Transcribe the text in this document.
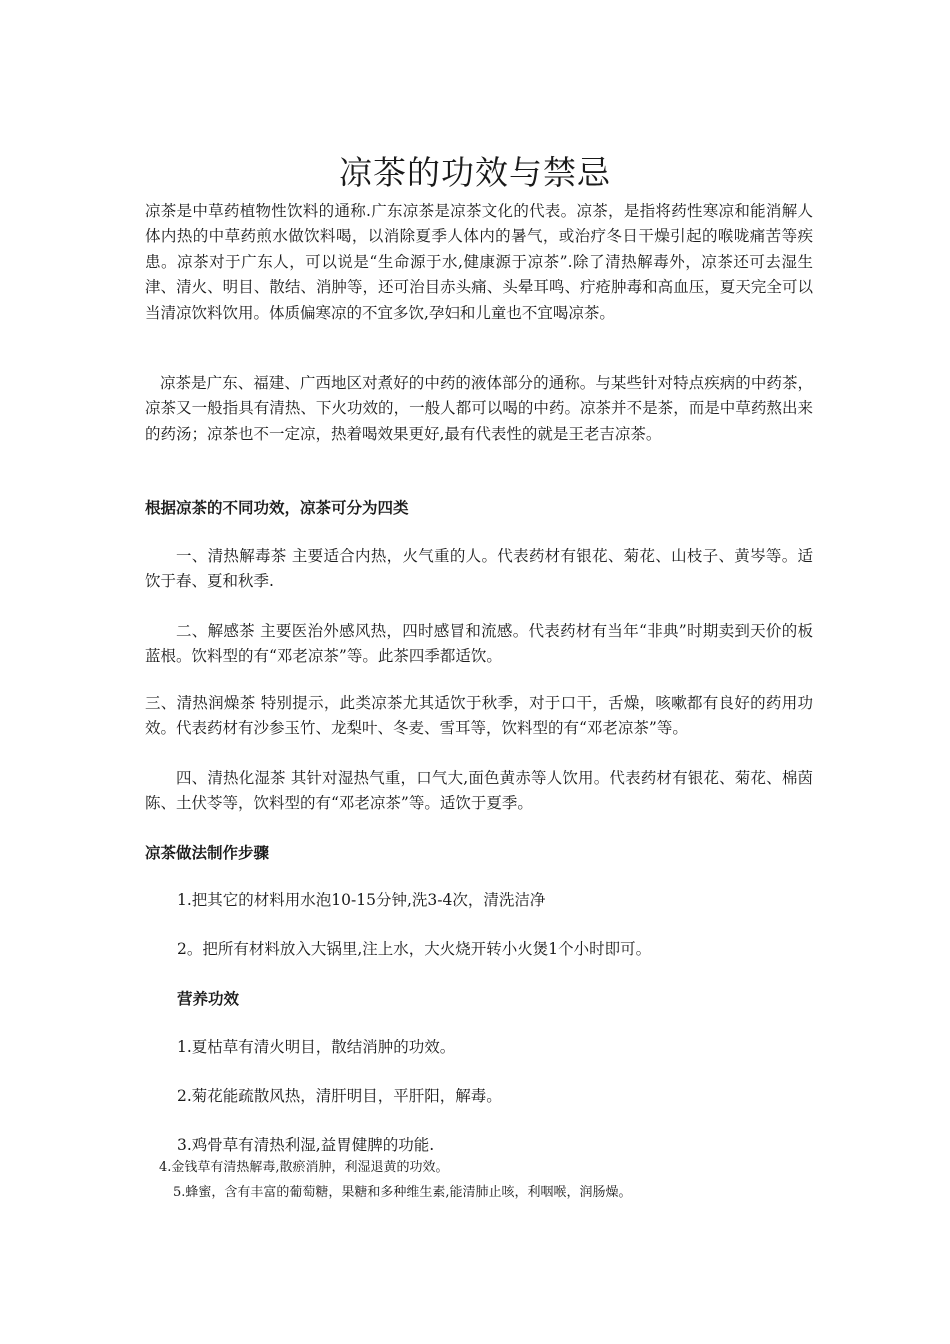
凉茶的功效与禁忌

凉茶是中草药植物性饮料的通称.广东凉茶是凉茶文化的代表。凉茶，是指将药性寒凉和能消解人体内热的中草药煎水做饮料喝，以消除夏季人体内的暑气，或治疗冬日干燥引起的喉咙痛苦等疾患。凉茶对于广东人，可以说是“生命源于水,健康源于凉茶”.除了清热解毒外，凉茶还可去湿生津、清火、明目、散结、消肿等，还可治目赤头痛、头晕耳鸣、疔疮肿毒和高血压，夏天完全可以当清凉饮料饮用。体质偏寒凉的不宜多饮,孕妇和儿童也不宜喝凉茶。

凉茶是广东、福建、广西地区对煮好的中药的液体部分的通称。与某些针对特点疾病的中药茶，凉茶又一般指具有清热、下火功效的，一般人都可以喝的中药。凉茶并不是茶，而是中草药熬出来的药汤；凉茶也不一定凉，热着喝效果更好,最有代表性的就是王老吉凉茶。

根据凉茶的不同功效，凉茶可分为四类

一、清热解毒茶 主要适合内热，火气重的人。代表药材有银花、菊花、山枝子、黄岑等。适饮于春、夏和秋季.

二、解感茶 主要医治外感风热，四时感冒和流感。代表药材有当年“非典”时期卖到天价的板蓝根。饮料型的有“邓老凉茶”等。此茶四季都适饮。

三、清热润燥茶 特别提示，此类凉茶尤其适饮于秋季，对于口干，舌燥，咳嗽都有良好的药用功效。代表药材有沙参玉竹、龙梨叶、冬麦、雪耳等，饮料型的有“邓老凉茶”等。

四、清热化湿茶 其针对湿热气重，口气大,面色黄赤等人饮用。代表药材有银花、菊花、棉茵陈、土伏苓等，饮料型的有“邓老凉茶”等。适饮于夏季。

凉茶做法制作步骤

1.把其它的材料用水泡10-15分钟,洗3-4次，清洗洁净

2。把所有材料放入大锅里,注上水，大火烧开转小火煲1个小时即可。

营养功效

1.夏枯草有清火明目，散结消肿的功效。

2.菊花能疏散风热，清肝明目，平肝阳，解毒。

3.鸡骨草有清热利湿,益胃健脾的功能.

4.金钱草有清热解毒,散瘀消肿，利湿退黄的功效。

5.蜂蜜，含有丰富的葡萄糖，果糖和多种维生素,能清肺止咳，利咽喉，润肠燥。
